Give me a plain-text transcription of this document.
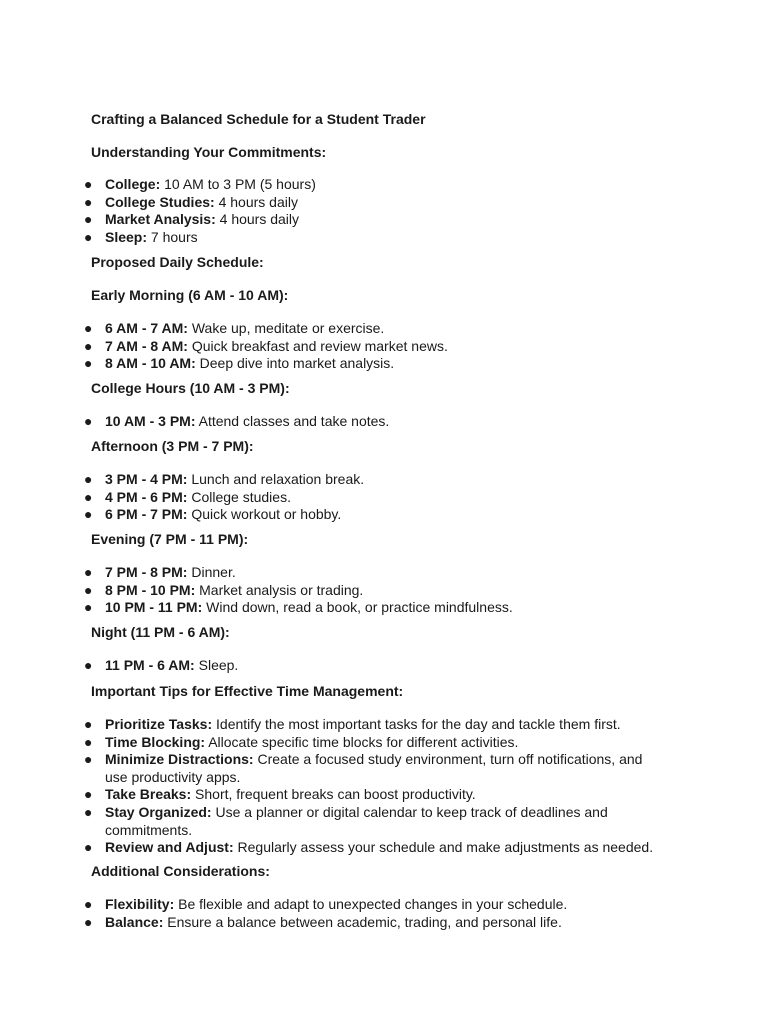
Crafting a Balanced Schedule for a Student Trader
Understanding Your Commitments:
● College: 10 AM to 3 PM (5 hours)
● College Studies: 4 hours daily
● Market Analysis: 4 hours daily
● Sleep: 7 hours
Proposed Daily Schedule:
Early Morning (6 AM - 10 AM):
● 6 AM - 7 AM: Wake up, meditate or exercise.
● 7 AM - 8 AM: Quick breakfast and review market news.
● 8 AM - 10 AM: Deep dive into market analysis.
College Hours (10 AM - 3 PM):
● 10 AM - 3 PM: Attend classes and take notes.
Afternoon (3 PM - 7 PM):
● 3 PM - 4 PM: Lunch and relaxation break.
● 4 PM - 6 PM: College studies.
● 6 PM - 7 PM: Quick workout or hobby.
Evening (7 PM - 11 PM):
● 7 PM - 8 PM: Dinner.
● 8 PM - 10 PM: Market analysis or trading.
● 10 PM - 11 PM: Wind down, read a book, or practice mindfulness.
Night (11 PM - 6 AM):
● 11 PM - 6 AM: Sleep.
Important Tips for Effective Time Management:
● Prioritize Tasks: Identify the most important tasks for the day and tackle them first.
● Time Blocking: Allocate specific time blocks for different activities.
● Minimize Distractions: Create a focused study environment, turn off notifications, and use productivity apps.
● Take Breaks: Short, frequent breaks can boost productivity.
● Stay Organized: Use a planner or digital calendar to keep track of deadlines and commitments.
● Review and Adjust: Regularly assess your schedule and make adjustments as needed.
Additional Considerations:
● Flexibility: Be flexible and adapt to unexpected changes in your schedule.
● Balance: Ensure a balance between academic, trading, and personal life.
